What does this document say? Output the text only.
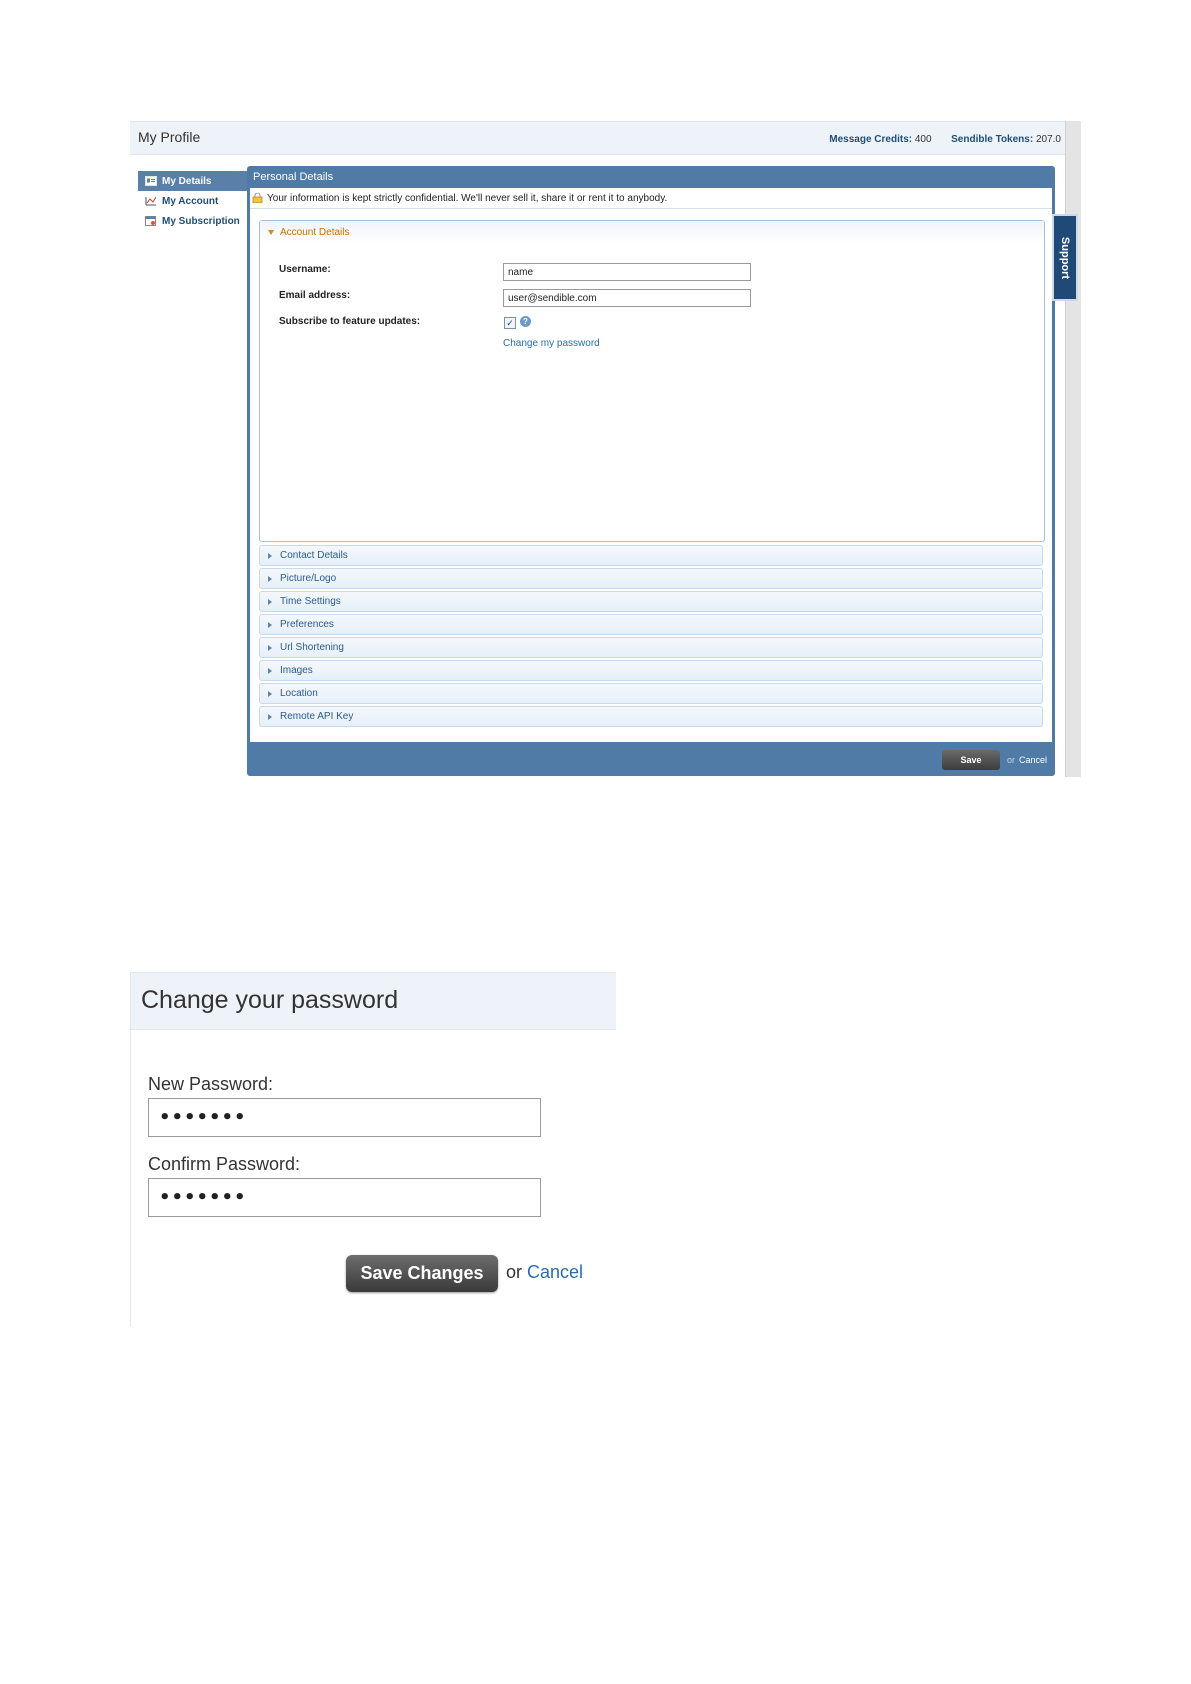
My Profile	Message Credits: 400 Sendible Tokens: 207.0
My Details
My Account
My Subscription
Personal Details
Your information is kept strictly confidential. We'll never sell it, share it or rent it to anybody.
Account Details
Username:	name
Email address:	user@sendible.com
Subscribe to feature updates:	✓	?
Change my password
Contact Details
Picture/Logo
Time Settings
Preferences
Url Shortening
Images
Location
Remote API Key
Save	or Cancel
Support
Change your password
New Password:
•••••••
Confirm Password:
•••••••
Save Changes	or Cancel
